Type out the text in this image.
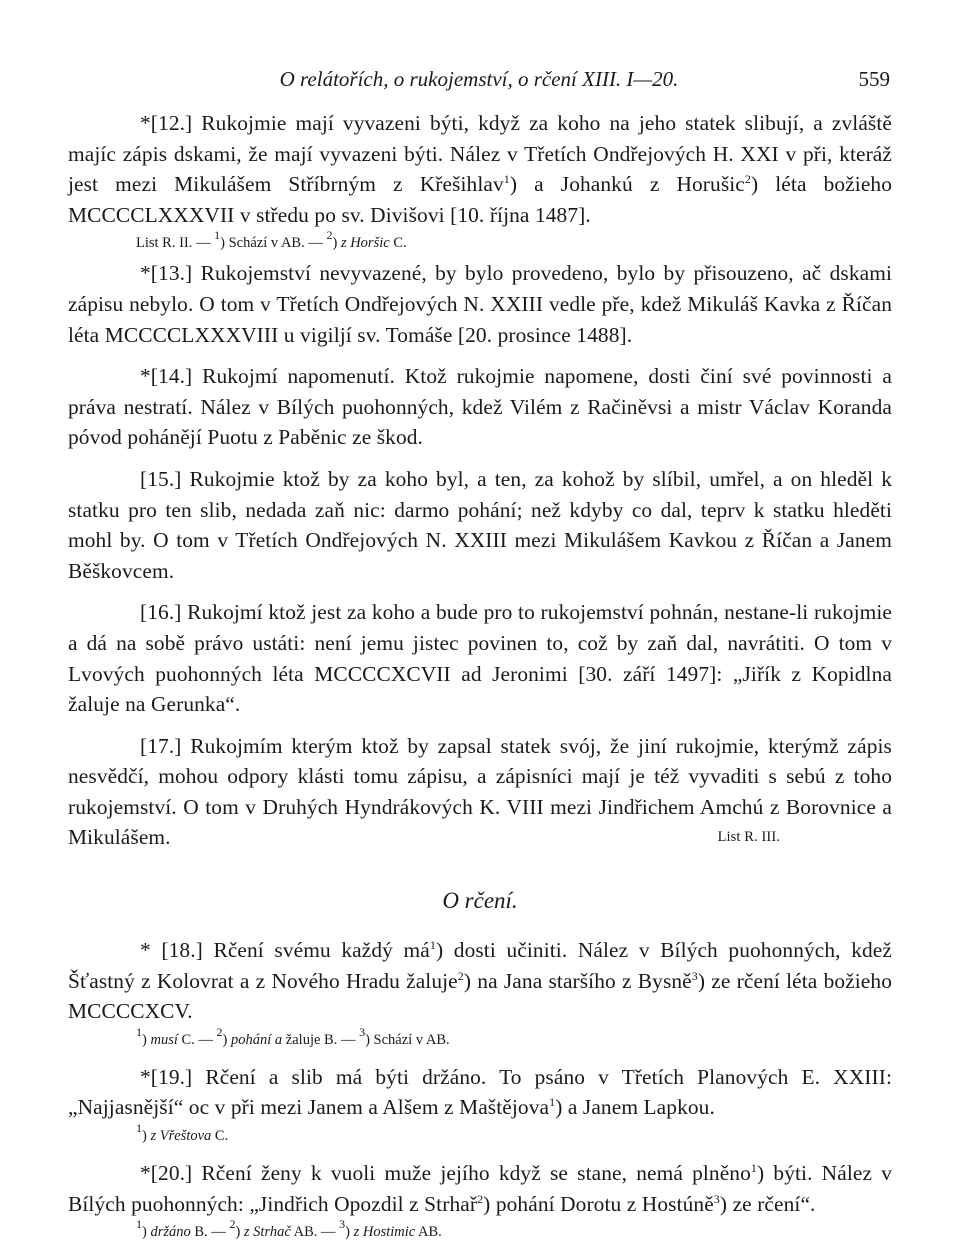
O relátořích, o rukojemství, o rčení XIII. I—20.	559

*[12.] Rukojmie mají vyvazeni býti, když za koho na jeho statek slibují, a zvláště majíc zápis dskami, že mají vyvazeni býti. Nález v Třetích Ondřejových H. XXI v při, kteráž jest mezi Mikulášem Stříbrným z Křešihlav$^1$) a Johankú z Horušic$^2$) léta božieho MCCCCLXXXVII v středu po sv. Divišovi [10. října 1487].

List R. II. — $^1$) Schází v AB. — $^2$) z Horšic C.

*[13.] Rukojemství nevyvazené, by bylo provedeno, bylo by přisouzeno, ač dskami zápisu nebylo. O tom v Třetích Ondřejových N. XXIII vedle pře, kdež Mikuláš Kavka z Říčan léta MCCCCLXXXVIII u vigiljí sv. Tomáše [20. prosince 1488].

*[14.] Rukojmí napomenutí. Ktož rukojmie napomene, dosti činí své povinnosti a práva nestratí. Nález v Bílých puohonných, kdež Vilém z Račiněvsi a mistr Václav Koranda póvod pohánějí Puotu z Paběnic ze škod.

[15.] Rukojmie ktož by za koho byl, a ten, za kohož by slíbil, umřel, a on hleděl k statku pro ten slib, nedada zaň nic: darmo pohání; než kdyby co dal, teprv k statku hleděti mohl by. O tom v Třetích Ondřejových N. XXIII mezi Mikulášem Kavkou z Říčan a Janem Běškovcem.

[16.] Rukojmí ktož jest za koho a bude pro to rukojemství pohnán, nestane-li rukojmie a dá na sobě právo ustáti: není jemu jistec povinen to, což by zaň dal, navrátiti. O tom v Lvových puohonných léta MCCCCXCVII ad Jeronimi [30. září 1497]: „Jiřík z Kopidlna žaluje na Gerunka“.

[17.] Rukojmím kterým ktož by zapsal statek svój, že jiní rukojmie, kterýmž zápis nesvědčí, mohou odpory klásti tomu zápisu, a zápisníci mají je též vyvaditi s sebú z toho rukojemství. O tom v Druhých Hyndrákových K. VIII mezi Jindřichem Amchú z Borovnice a Mikulášem.	List R. III.

O rčení.

* [18.] Rčení svému každý $má^1$) dosti učiniti. Nález v Bílých puohonných, kdež Šťastný z Kolovrat a z Nového Hradu žaluje$^2$) na Jana staršího z Bysně$^3$) ze rčení léta božieho MCCCCXCV.

$^1$) musí C. — $^2$) pohání a žaluje B. — $^3$) Schází v AB.

*[19.] Rčení a slib má býti držáno. To psáno v Třetích Planových E. XXIII: „Najjasnější“ oc v při mezi Janem a Alšem z Maštějova$^1$) a Janem Lapkou.

$^1$) z Vřeštova C.

*[20.] Rčení ženy k vuoli muže jejího když se stane, nemá plněno$^1$) býti. Nález v Bílých puohonných: „Jindřich Opozdil z Strhař$^2$) pohání Dorotu z Hostúně$^3$) ze rčení“.

$^1$) držáno B. — $^2$) z Strhač AB. — $^3$) z Hostimic AB.
